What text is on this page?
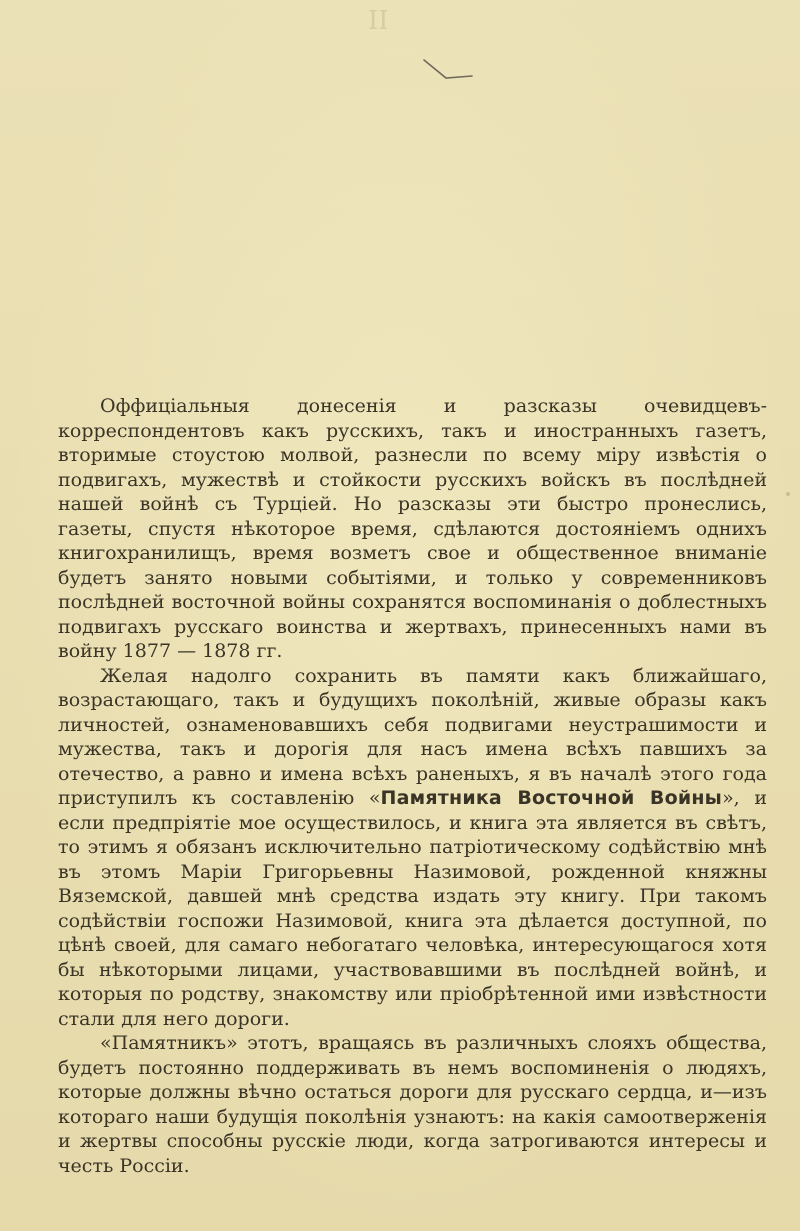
II

Оффиціальныя донесенія и разсказы очевидцевъ-корреспондентовъ какъ русскихъ, такъ и иностранныхъ газетъ, вторимые стоустою молвой, разнесли по всему міру извѣстія о подвигахъ, мужествѣ и стойкости русскихъ войскъ въ послѣдней нашей войнѣ съ Турціей. Но разсказы эти быстро пронеслись, газеты, спустя нѣкоторое время, сдѣлаются достояніемъ однихъ книгохранилищъ, время возметъ свое и общественное вниманіе будетъ занято новыми событіями, и только у современниковъ послѣдней восточной войны сохранятся воспоминанія о доблестныхъ подвигахъ русскаго воинства и жертвахъ, принесенныхъ нами въ войну 1877 — 1878 гг.

Желая надолго сохранить въ памяти какъ ближайшаго, возрастающаго, такъ и будущихъ поколѣній, живые образы какъ личностей, ознаменовавшихъ себя подвигами неустрашимости и мужества, такъ и дорогія для насъ имена всѣхъ павшихъ за отечество, а равно и имена всѣхъ раненыхъ, я въ началѣ этого года приступилъ къ составленію «Памятника Восточной Войны», и если предпріятіе мое осуществилось, и книга эта является въ свѣтъ, то этимъ я обязанъ исключительно патріотическому содѣйствію мнѣ въ этомъ Маріи Григорьевны Назимовой, рожденной княжны Вяземской, давшей мнѣ средства издать эту книгу. При такомъ содѣйствіи госпожи Назимовой, книга эта дѣлается доступной, по цѣнѣ своей, для самаго небогатаго человѣка, интересующагося хотя бы нѣкоторыми лицами, участвовавшими въ послѣдней войнѣ, и которыя по родству, знакомству или пріобрѣтенной ими извѣстности стали для него дороги.

«Памятникъ» этотъ, вращаясь въ различныхъ слояхъ общества, будетъ постоянно поддерживать въ немъ воспоминенія о людяхъ, которые должны вѣчно остаться дороги для русскаго сердца, и—изъ котораго наши будущія поколѣнія узнаютъ: на какія самоотверженія и жертвы способны русскіе люди, когда затрогиваются интересы и честь Россіи.
